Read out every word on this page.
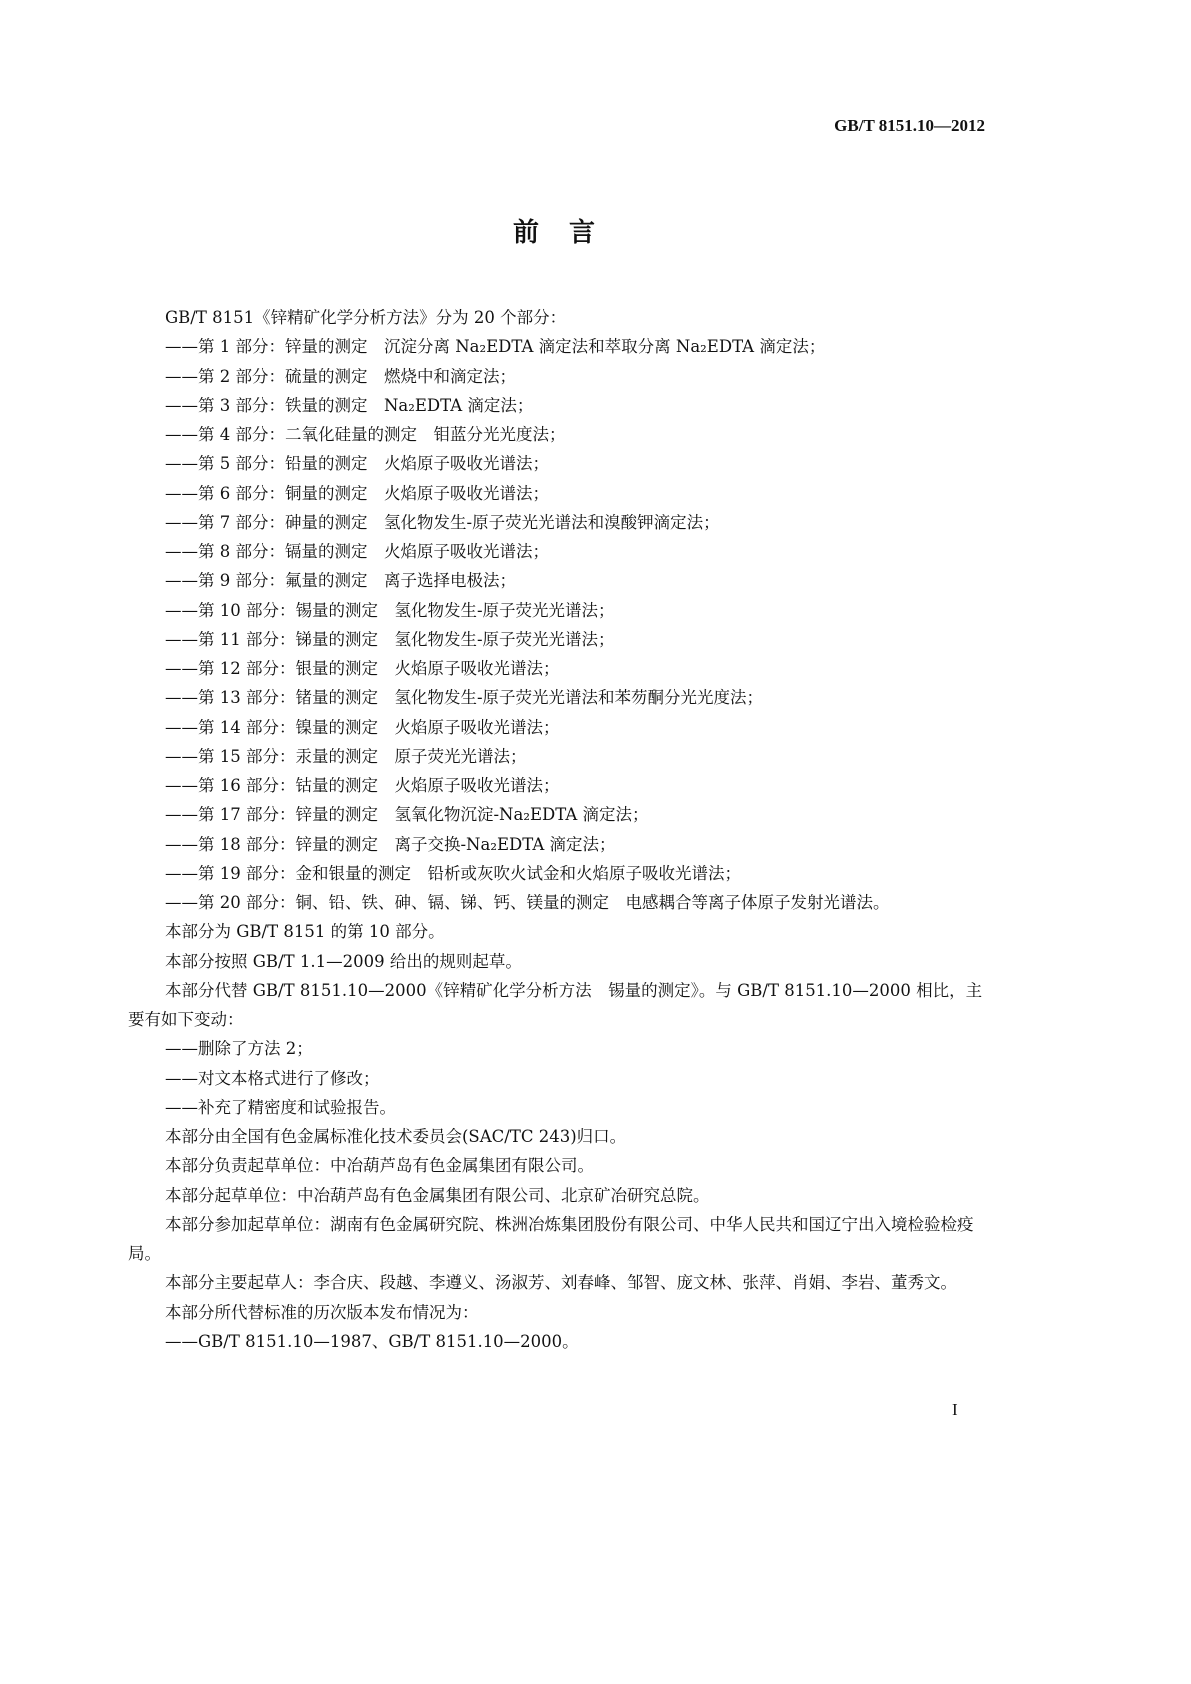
GB/T 8151.10—2012
前　言

GB/T 8151《锌精矿化学分析方法》分为 20 个部分：

——第 1 部分：锌量的测定　沉淀分离 Na₂EDTA 滴定法和萃取分离 Na₂EDTA 滴定法；

——第 2 部分：硫量的测定　燃烧中和滴定法；

——第 3 部分：铁量的测定　Na₂EDTA 滴定法；

——第 4 部分：二氧化硅量的测定　钼蓝分光光度法；

——第 5 部分：铅量的测定　火焰原子吸收光谱法；

——第 6 部分：铜量的测定　火焰原子吸收光谱法；

——第 7 部分：砷量的测定　氢化物发生-原子荧光光谱法和溴酸钾滴定法；

——第 8 部分：镉量的测定　火焰原子吸收光谱法；

——第 9 部分：氟量的测定　离子选择电极法；

——第 10 部分：锡量的测定　氢化物发生-原子荧光光谱法；

——第 11 部分：锑量的测定　氢化物发生-原子荧光光谱法；

——第 12 部分：银量的测定　火焰原子吸收光谱法；

——第 13 部分：锗量的测定　氢化物发生-原子荧光光谱法和苯芴酮分光光度法；

——第 14 部分：镍量的测定　火焰原子吸收光谱法；

——第 15 部分：汞量的测定　原子荧光光谱法；

——第 16 部分：钴量的测定　火焰原子吸收光谱法；

——第 17 部分：锌量的测定　氢氧化物沉淀-Na₂EDTA 滴定法；

——第 18 部分：锌量的测定　离子交换-Na₂EDTA 滴定法；

——第 19 部分：金和银量的测定　铅析或灰吹火试金和火焰原子吸收光谱法；

——第 20 部分：铜、铅、铁、砷、镉、锑、钙、镁量的测定　电感耦合等离子体原子发射光谱法。

本部分为 GB/T 8151 的第 10 部分。

本部分按照 GB/T 1.1—2009 给出的规则起草。

本部分代替 GB/T 8151.10—2000《锌精矿化学分析方法　锡量的测定》。与 GB/T 8151.10—2000 相比，主要有如下变动：

——删除了方法 2；

——对文本格式进行了修改；

——补充了精密度和试验报告。

本部分由全国有色金属标准化技术委员会(SAC/TC 243)归口。

本部分负责起草单位：中冶葫芦岛有色金属集团有限公司。

本部分起草单位：中冶葫芦岛有色金属集团有限公司、北京矿冶研究总院。

本部分参加起草单位：湖南有色金属研究院、株洲冶炼集团股份有限公司、中华人民共和国辽宁出入境检验检疫局。

本部分主要起草人：李合庆、段越、李遵义、汤淑芳、刘春峰、邹智、庞文林、张萍、肖娟、李岩、董秀文。

本部分所代替标准的历次版本发布情况为：

——GB/T 8151.10—1987、GB/T 8151.10—2000。

I
